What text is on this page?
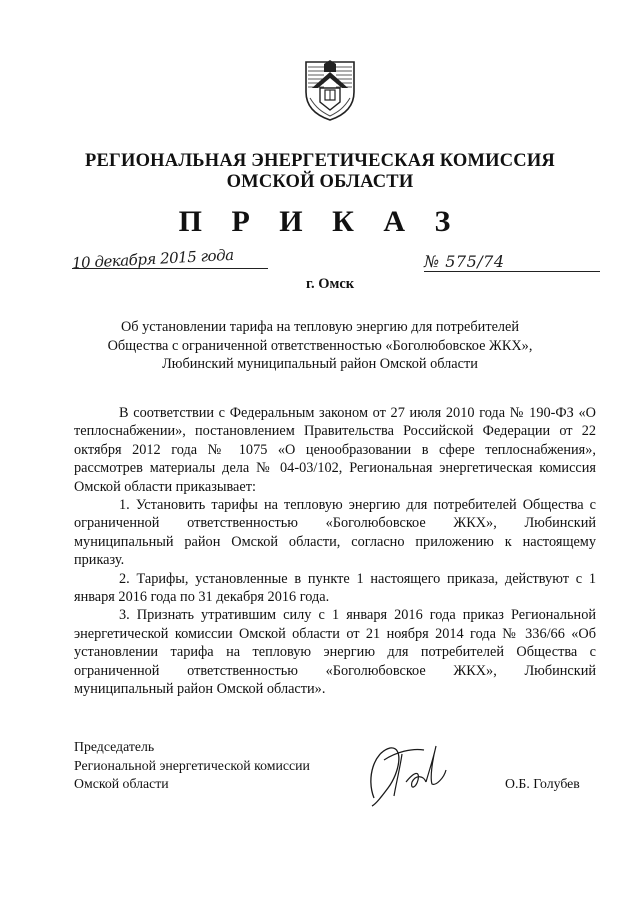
РЕГИОНАЛЬНАЯ ЭНЕРГЕТИЧЕСКАЯ КОМИССИЯ
ОМСКОЙ ОБЛАСТИ
П Р И К А З
10 декабря 2015 года
г. Омск
№ 575/74
Об установлении тарифа на тепловую энергию для потребителей
Общества с ограниченной ответственностью «Боголюбовское ЖКХ»,
Любинский муниципальный район Омской области

В соответствии с Федеральным законом от 27 июля 2010 года № 190-ФЗ «О теплоснабжении», постановлением Правительства Российской Федерации от 22 октября 2012 года № 1075 «О ценообразовании в сфере теплоснабжения», рассмотрев материалы дела № 04-03/102, Региональная энергетическая комиссия Омской области приказывает:

1. Установить тарифы на тепловую энергию для потребителей Общества с ограниченной ответственностью «Боголюбовское ЖКХ», Любинский муниципальный район Омской области, согласно приложению к настоящему приказу.

2. Тарифы, установленные в пункте 1 настоящего приказа, действуют с 1 января 2016 года по 31 декабря 2016 года.

3. Признать утратившим силу с 1 января 2016 года приказ Региональной энергетической комиссии Омской области от 21 ноября 2014 года № 336/66 «Об установлении тарифа на тепловую энергию для потребителей Общества с ограниченной ответственностью «Боголюбовское ЖКХ», Любинский муниципальный район Омской области».

Председатель
Региональной энергетической комиссии
Омской области	О.Б. Голубев
